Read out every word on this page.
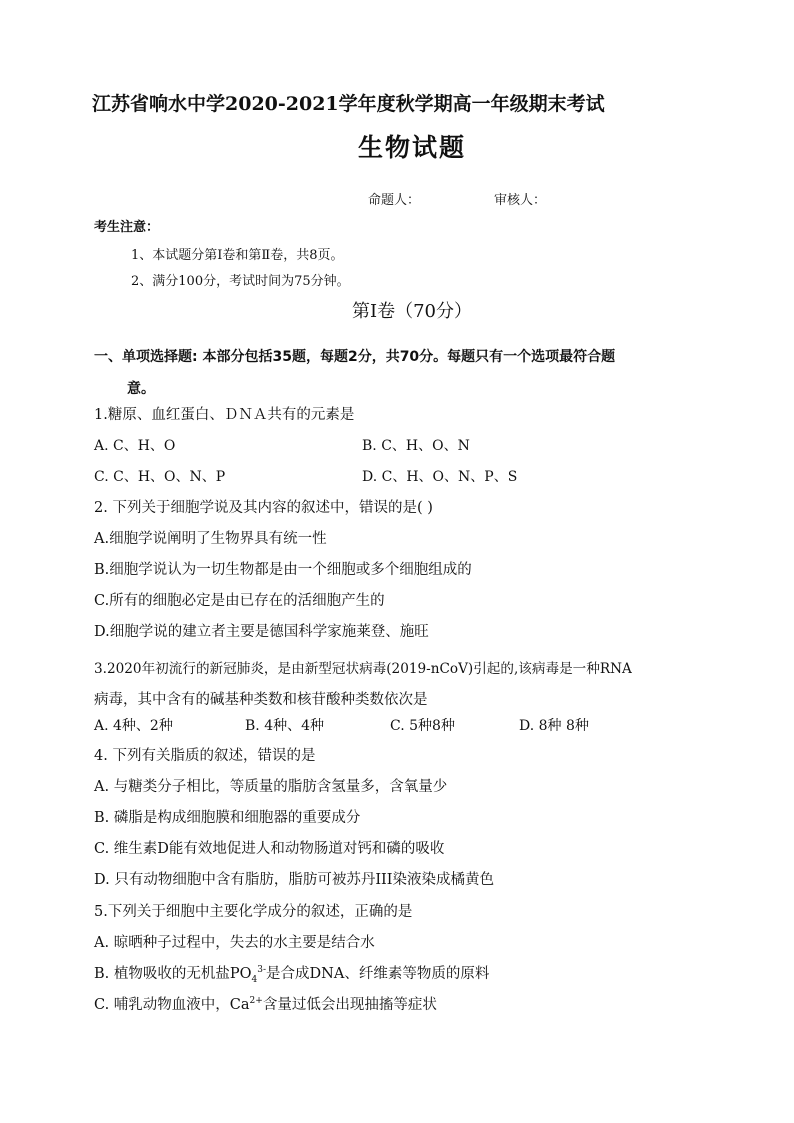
江苏省响水中学2020-2021学年度秋学期高一年级期末考试
生物试题
命题人：	审核人：
考生注意：
1、本试题分第Ⅰ卷和第Ⅱ卷，共8页。
2、满分100分，考试时间为75分钟。
第Ⅰ卷（70分）
一、单项选择题: 本部分包括35题，每题2分，共70分。每题只有一个选项最符合题
意。
1.糖原、血红蛋白、ＤＮＡ共有的元素是
A. C、H、O	B. C、H、O、N
C. C、H、O、N、P	D. C、H、O、N、P、S
2. 下列关于细胞学说及其内容的叙述中，错误的是( )
A.细胞学说阐明了生物界具有统一性
B.细胞学说认为一切生物都是由一个细胞或多个细胞组成的
C.所有的细胞必定是由已存在的活细胞产生的
D.细胞学说的建立者主要是德国科学家施莱登、施旺
3.2020年初流行的新冠肺炎，是由新型冠状病毒(2019-nCoV)引起的,该病毒是一种RNA
病毒，其中含有的碱基种类数和核苷酸种类数依次是
A. 4种、2种	B. 4种、4种	C. 5种8种	D. 8种 8种
4. 下列有关脂质的叙述，错误的是
A. 与糖类分子相比，等质量的脂肪含氢量多，含氧量少
B. 磷脂是构成细胞膜和细胞器的重要成分
C. 维生素D能有效地促进人和动物肠道对钙和磷的吸收
D. 只有动物细胞中含有脂肪，脂肪可被苏丹III染液染成橘黄色
5.下列关于细胞中主要化学成分的叙述，正确的是
A. 晾晒种子过程中，失去的水主要是结合水
B. 植物吸收的无机盐$PO_4^{3-}$是合成DNA、纤维素等物质的原料
C. 哺乳动物血液中，$Ca^{2+}$含量过低会出现抽搐等症状
